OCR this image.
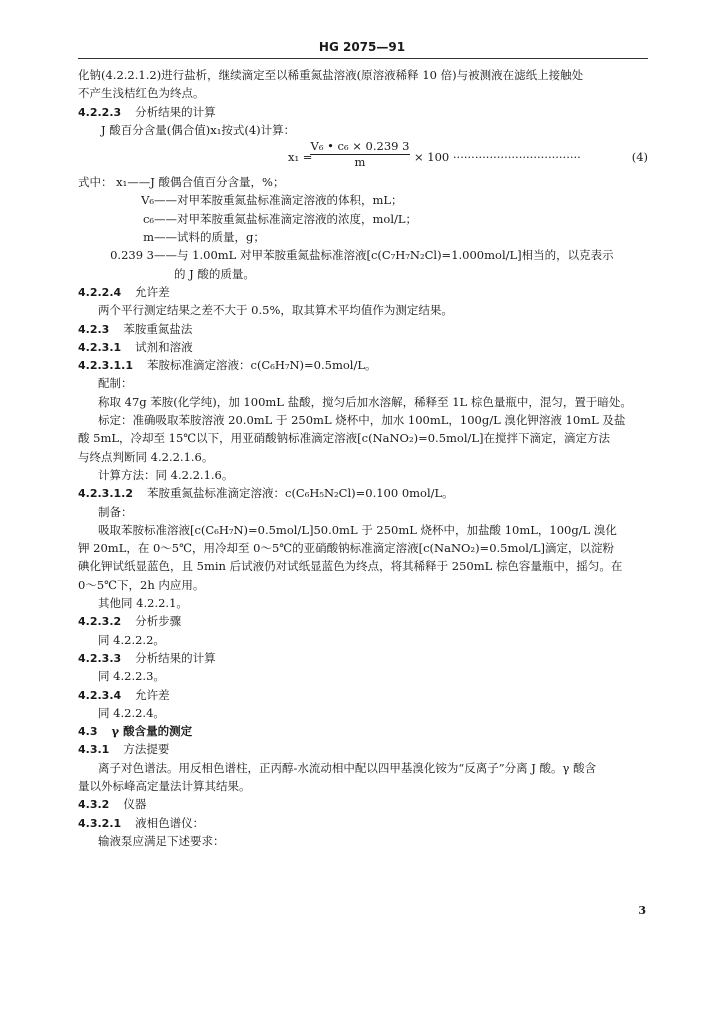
HG 2075—91
化钠(4.2.2.1.2)进行盐析，继续滴定至以稀重氮盐溶液(原溶液稀释 10 倍)与被测液在滤纸上接触处
不产生浅桔红色为终点。
4.2.2.3 分析结果的计算
J 酸百分含量(偶合值)x₁按式(4)计算：
x₁ =
$\frac{\text{V₆ • c₆ × 0.239 3}}{m} \times 100$ ···································	(4)
式中： x₁——J 酸偶合值百分含量，%；
V₆——对甲苯胺重氮盐标准滴定溶液的体积，mL；
c₆——对甲苯胺重氮盐标准滴定溶液的浓度，mol/L；
m——试料的质量，g；
0.239 3——与 1.00mL 对甲苯胺重氮盐标准溶液[c(C₇H₇N₂Cl)=1.000mol/L]相当的，以克表示
的 J 酸的质量。
4.2.2.4 允许差
两个平行测定结果之差不大于 0.5%，取其算术平均值作为测定结果。
4.2.3 苯胺重氮盐法
4.2.3.1 试剂和溶液
4.2.3.1.1 苯胺标准滴定溶液：c(C₆H₇N)=0.5mol/L。
配制：
称取 47g 苯胺(化学纯)，加 100mL 盐酸，搅匀后加水溶解，稀释至 1L 棕色量瓶中，混匀，置于暗处。
标定：准确吸取苯胺溶液 20.0mL 于 250mL 烧杯中，加水 100mL，100g/L 溴化钾溶液 10mL 及盐
酸 5mL，冷却至 15℃以下，用亚硝酸钠标准滴定溶液[c(NaNO₂)=0.5mol/L]在搅拌下滴定，滴定方法
与终点判断同 4.2.2.1.6。
计算方法：同 4.2.2.1.6。
4.2.3.1.2 苯胺重氮盐标准滴定溶液：c(C₆H₅N₂Cl)=0.100 0mol/L。
制备：
吸取苯胺标准溶液[c(C₆H₇N)=0.5mol/L]50.0mL 于 250mL 烧杯中，加盐酸 10mL，100g/L 溴化
钾 20mL，在 0～5℃，用冷却至 0～5℃的亚硝酸钠标准滴定溶液[c(NaNO₂)=0.5mol/L]滴定，以淀粉
碘化钾试纸显蓝色，且 5min 后试液仍对试纸显蓝色为终点，将其稀释于 250mL 棕色容量瓶中，摇匀。在
0～5℃下，2h 内应用。
其他同 4.2.2.1。
4.2.3.2 分析步骤
同 4.2.2.2。
4.2.3.3 分析结果的计算
同 4.2.2.3。
4.2.3.4 允许差
同 4.2.2.4。
4.3 γ 酸含量的测定
4.3.1 方法提要
离子对色谱法。用反相色谱柱，正丙醇-水流动相中配以四甲基溴化铵为“反离子”分离 J 酸。γ 酸含
量以外标峰高定量法计算其结果。
4.3.2 仪器
4.3.2.1 液相色谱仪：
输液泵应满足下述要求：
3
